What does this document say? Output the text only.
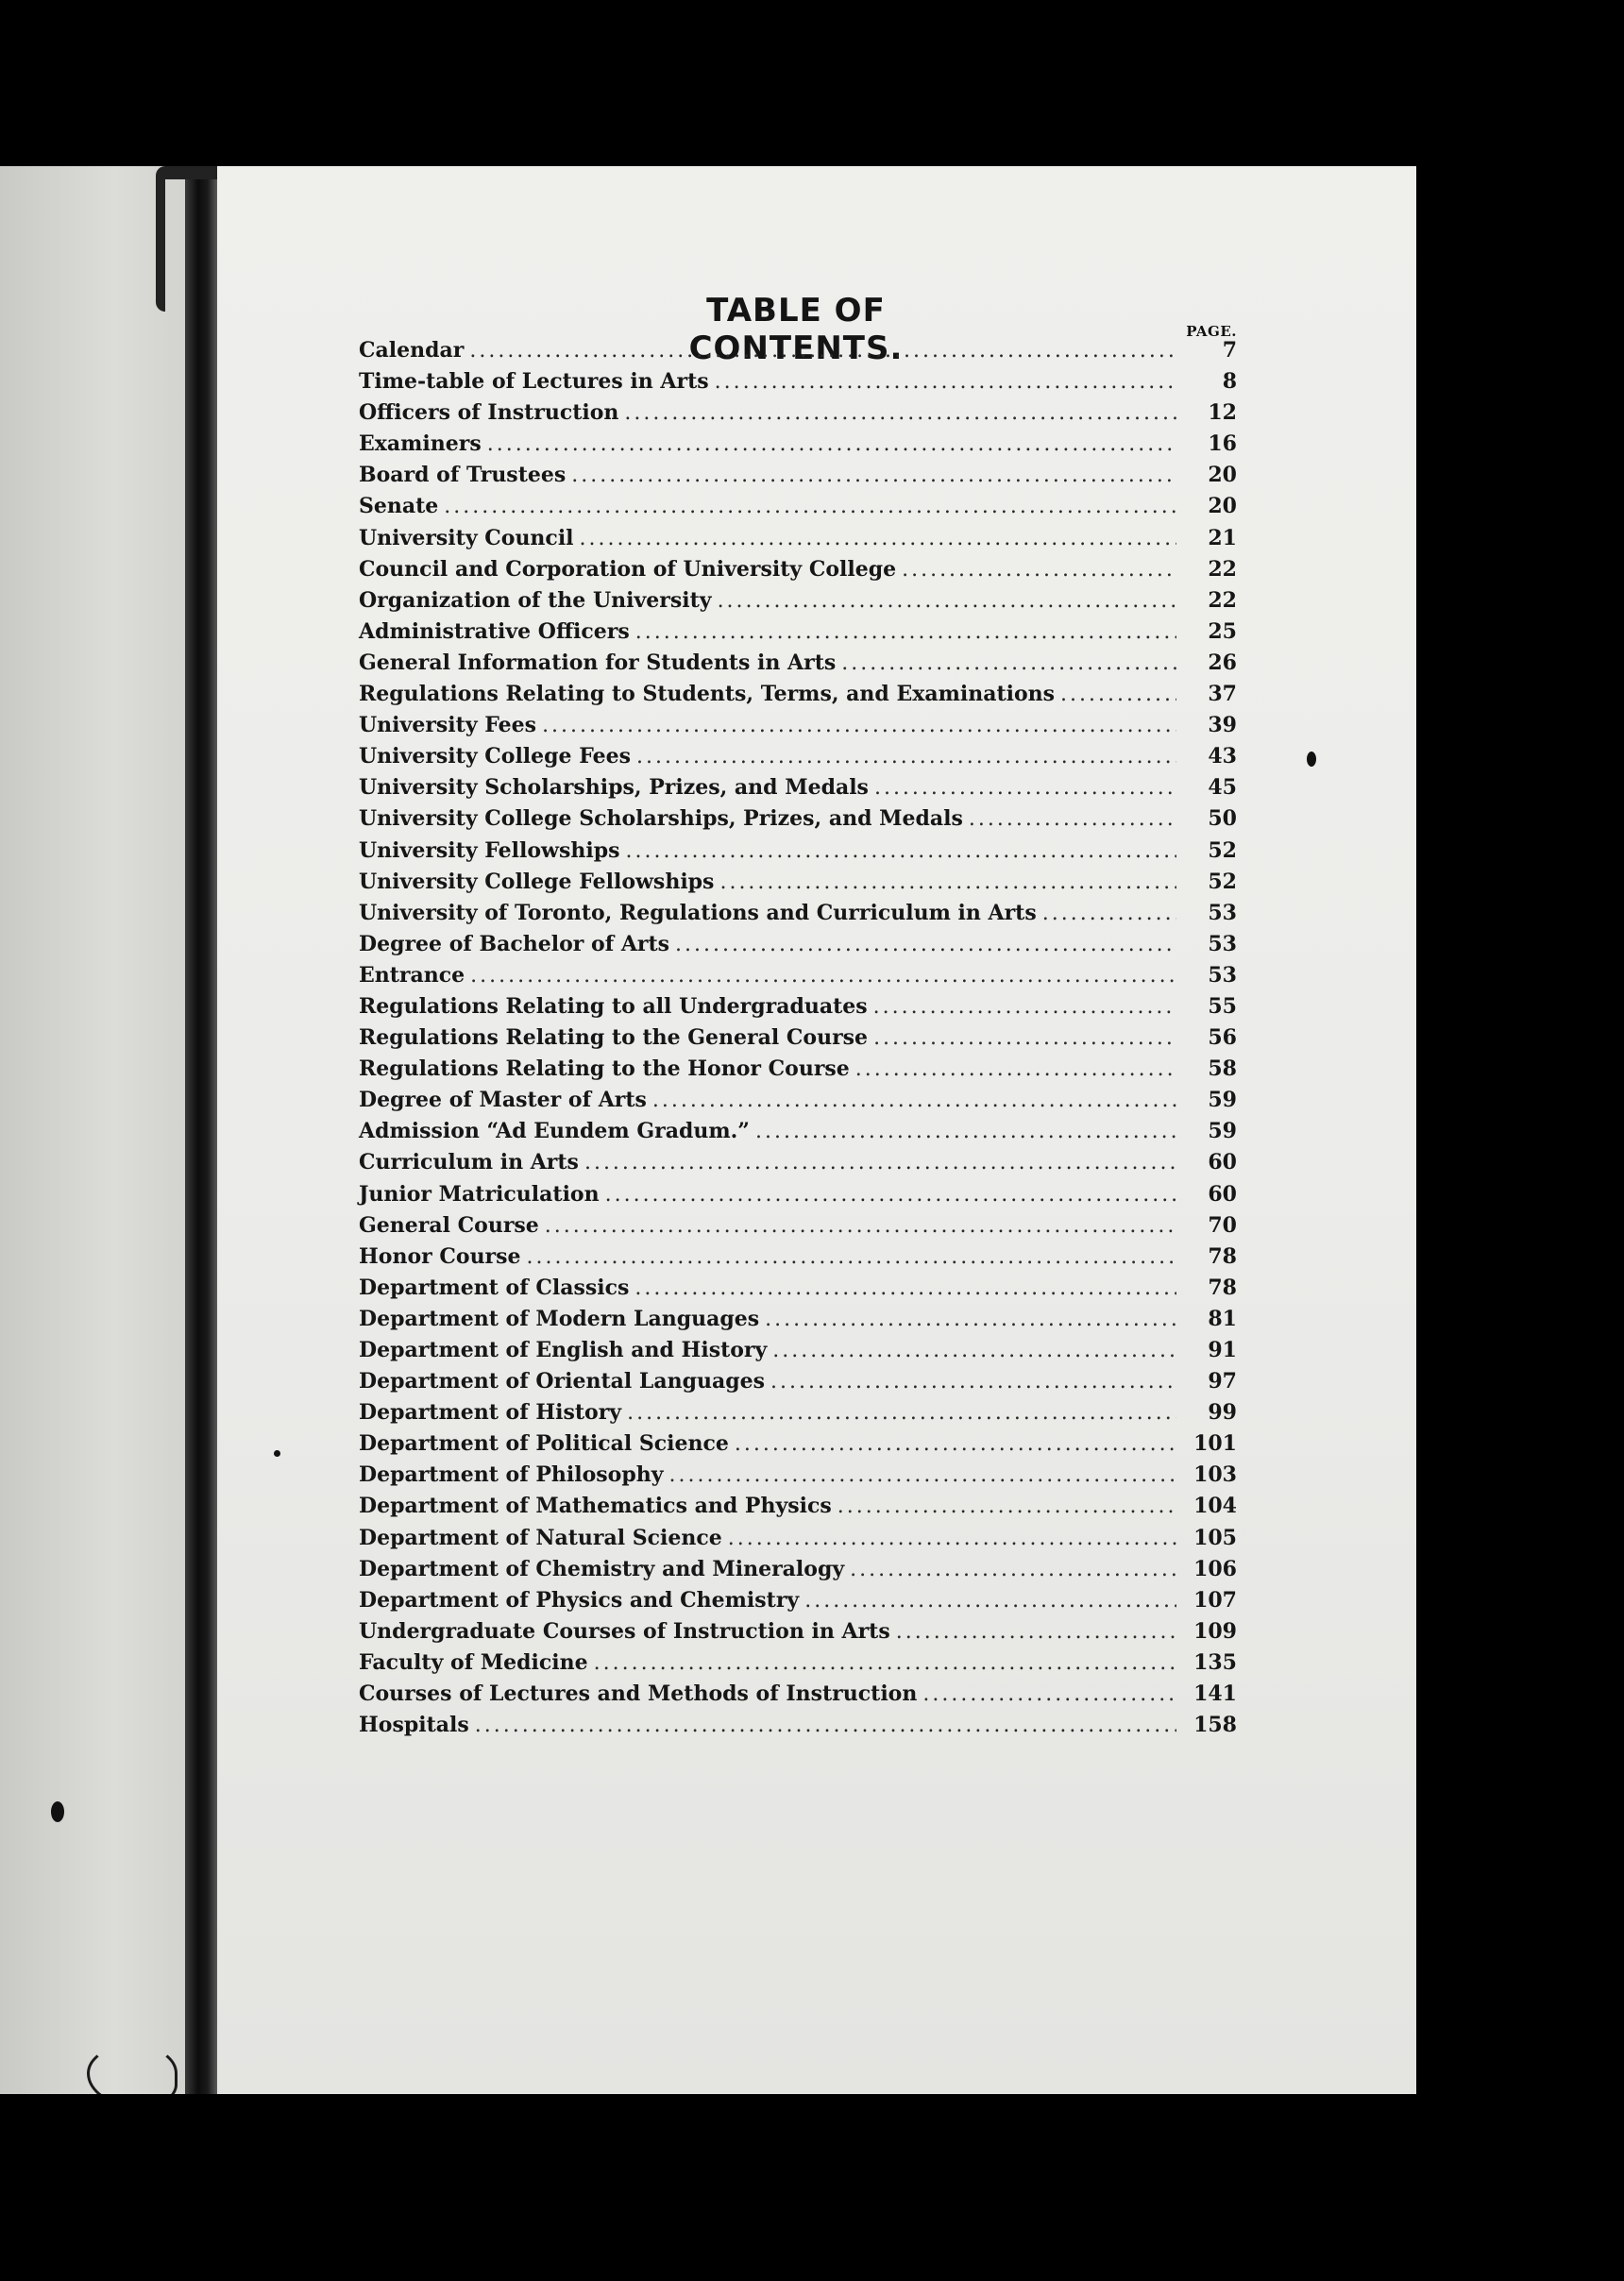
TABLE OF CONTENTS.	PAGE.
Calendar .....	7
Time-table of Lectures in Arts .....	8
Officers of Instruction .....	12
Examiners .....	16
Board of Trustees .....	20
Senate .....	20
University Council .....	21
Council and Corporation of University College .....	22
Organization of the University .....	22
Administrative Officers .....	25
General Information for Students in Arts .....	26
Regulations Relating to Students, Terms, and Examinations .....	37
University Fees .....	39
University College Fees .....	43
University Scholarships, Prizes, and Medals .....	45
University College Scholarships, Prizes, and Medals .....	50
University Fellowships .....	52
University College Fellowships .....	52
University of Toronto, Regulations and Curriculum in Arts .....	53
Degree of Bachelor of Arts .....	53
Entrance .....	53
Regulations Relating to all Undergraduates .....	55
Regulations Relating to the General Course .....	56
Regulations Relating to the Honor Course .....	58
Degree of Master of Arts .....	59
Admission “Ad Eundem Gradum.” .....	59
Curriculum in Arts .....	60
Junior Matriculation .....	60
General Course .....	70
Honor Course .....	78
Department of Classics .....	78
Department of Modern Languages .....	81
Department of English and History .....	91
Department of Oriental Languages .....	97
Department of History .....	99
Department of Political Science .....	101
Department of Philosophy .....	103
Department of Mathematics and Physics .....	104
Department of Natural Science .....	105
Department of Chemistry and Mineralogy .....	106
Department of Physics and Chemistry .....	107
Undergraduate Courses of Instruction in Arts .....	109
Faculty of Medicine .....	135
Courses of Lectures and Methods of Instruction .....	141
Hospitals .....	158
